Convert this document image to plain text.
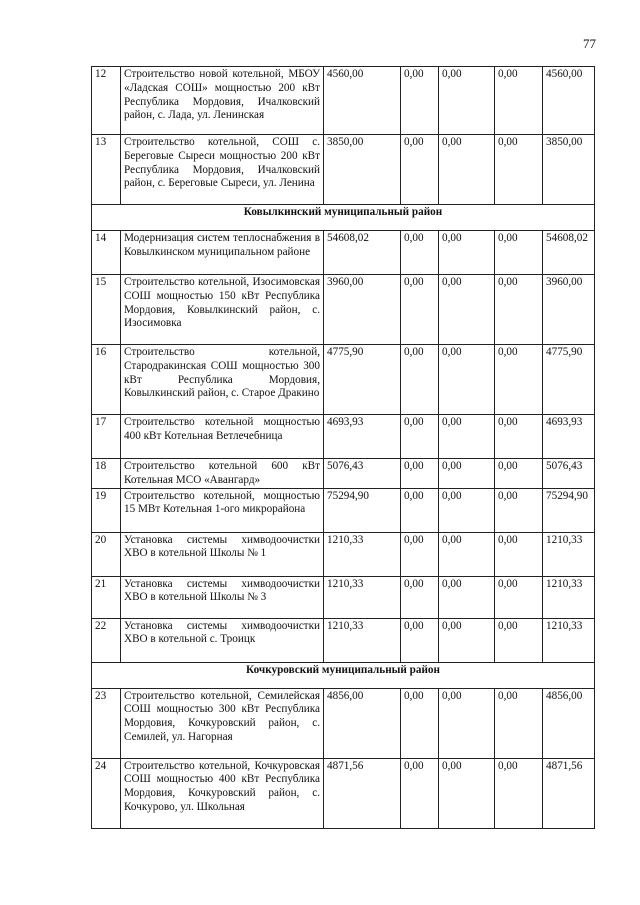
77
12	Строительство новой котельной, МБОУ «Ладская СОШ» мощностью 200 кВт Республика Мордовия, Ичалковский район, с. Лада, ул. Ленинская	4560,00	0,00	0,00	0,00	4560,00
13	Строительство котельной, СОШ с. Береговые Сыреси мощностью 200 кВт Республика Мордовия, Ичалковский район, с. Береговые Сыреси, ул. Ленина	3850,00	0,00	0,00	0,00	3850,00
Ковылкинский муниципальный район						
14	Модернизация систем теплоснабжения в Ковылкинском муниципальном районе	54608,02	0,00	0,00	0,00	54608,02
15	Строительство котельной, Изосимовская СОШ мощностью 150 кВт Республика Мордовия, Ковылкинский район, с. Изосимовка	3960,00	0,00	0,00	0,00	3960,00
16	Строительство котельной, Стародракинская СОШ мощностью 300 кВт Республика Мордовия, Ковылкинский район, с. Старое Дракино	4775,90	0,00	0,00	0,00	4775,90
17	Строительство котельной мощностью 400 кВт Котельная Ветлечебница	4693,93	0,00	0,00	0,00	4693,93
18	Строительство котельной 600 кВт Котельная МСО «Авангард»	5076,43	0,00	0,00	0,00	5076,43
19	Строительство котельной, мощностью 15 МВт Котельная 1-ого микрорайона	75294,90	0,00	0,00	0,00	75294,90
20	Установка системы химводоочистки ХВО в котельной Школы № 1	1210,33	0,00	0,00	0,00	1210,33
21	Установка системы химводоочистки ХВО в котельной Школы № 3	1210,33	0,00	0,00	0,00	1210,33
22	Установка системы химводоочистки ХВО в котельной с. Троицк	1210,33	0,00	0,00	0,00	1210,33
Кочкуровский муниципальный район						
23	Строительство котельной, Семилейская СОШ мощностью 300 кВт Республика Мордовия, Кочкуровский район, с. Семилей, ул. Нагорная	4856,00	0,00	0,00	0,00	4856,00
24	Строительство котельной, Кочкуровская СОШ мощностью 400 кВт Республика Мордовия, Кочкуровский район, с. Кочкурово, ул. Школьная	4871,56	0,00	0,00	0,00	4871,56
